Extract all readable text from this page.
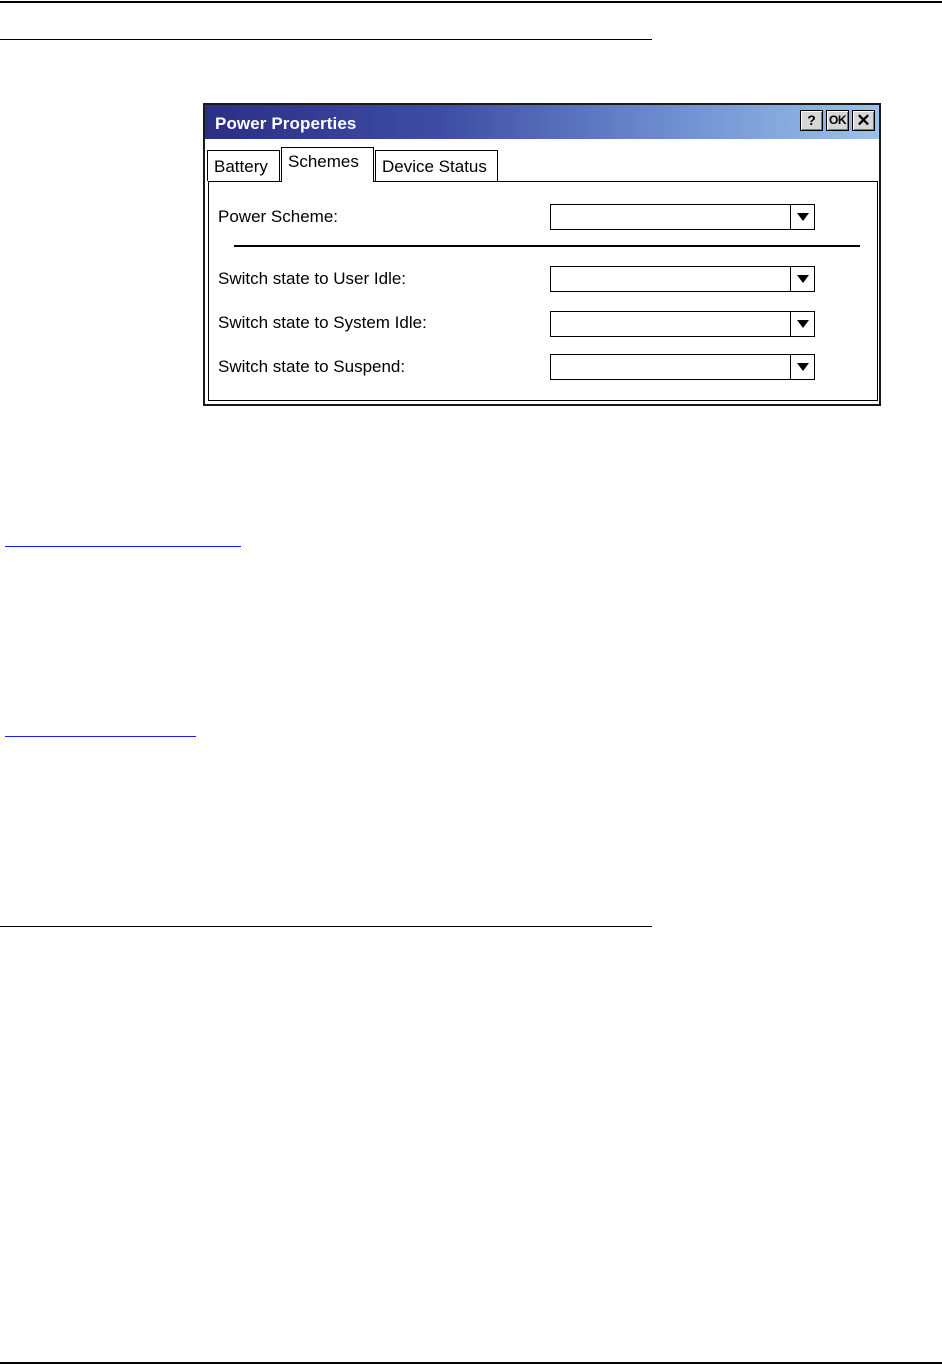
Power Properties	?	OK ✕
Battery	Device Status
Power Scheme:
Switch state to User Idle:
Switch state to System Idle:
Switch state to Suspend:
Schemes
